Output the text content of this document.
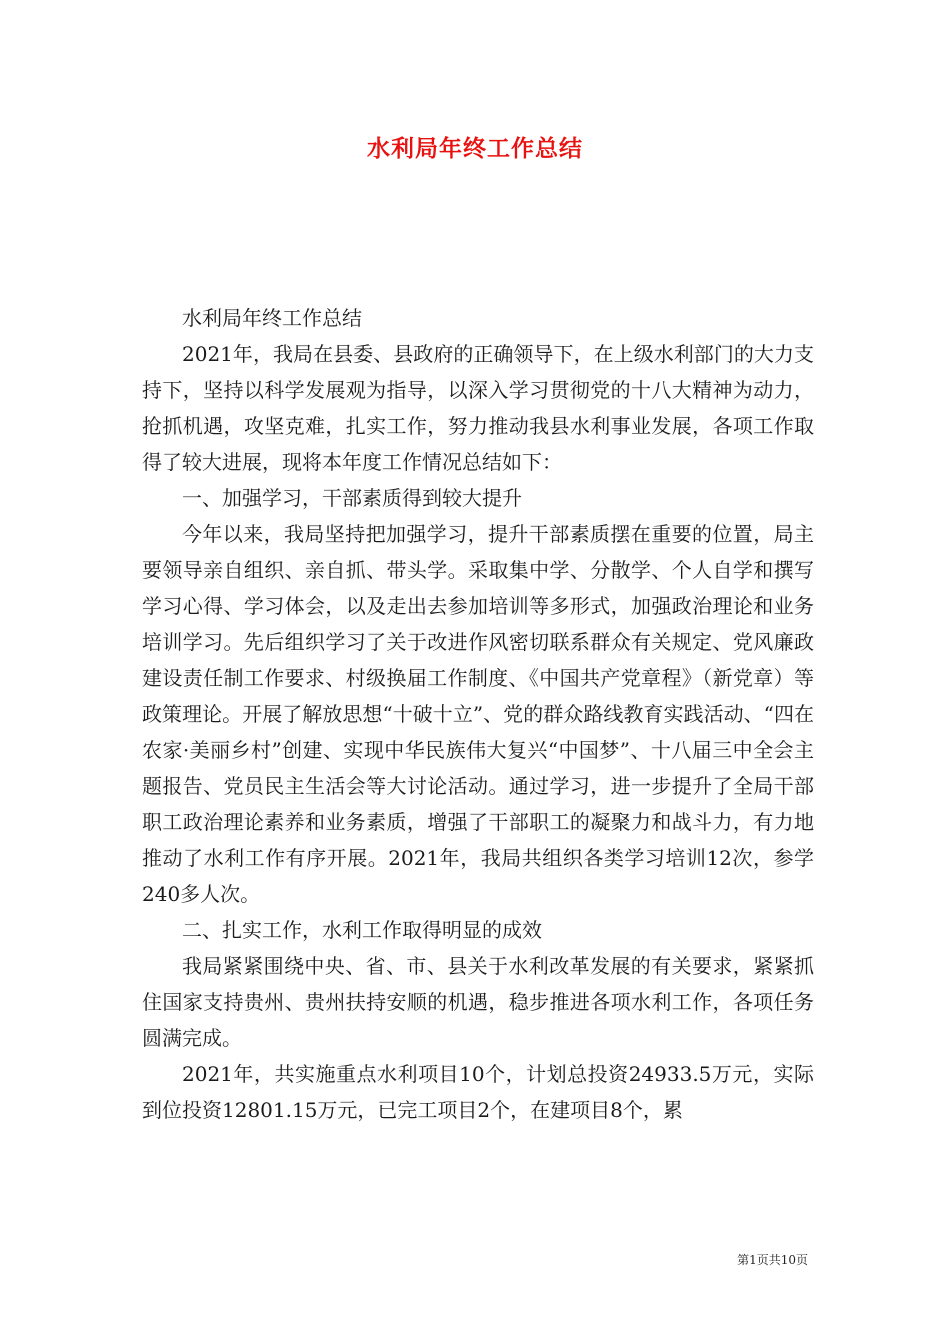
水利局年终工作总结

水利局年终工作总结

2021年，我局在县委、县政府的正确领导下，在上级水利部门的大力支持下，坚持以科学发展观为指导，以深入学习贯彻党的十八大精神为动力，抢抓机遇，攻坚克难，扎实工作，努力推动我县水利事业发展，各项工作取得了较大进展，现将本年度工作情况总结如下：

一、加强学习，干部素质得到较大提升

今年以来，我局坚持把加强学习，提升干部素质摆在重要的位置，局主要领导亲自组织、亲自抓、带头学。采取集中学、分散学、个人自学和撰写学习心得、学习体会，以及走出去参加培训等多形式，加强政治理论和业务培训学习。先后组织学习了关于改进作风密切联系群众有关规定、党风廉政建设责任制工作要求、村级换届工作制度、《中国共产党章程》（新党章）等政策理论。开展了解放思想“十破十立”、党的群众路线教育实践活动、“四在农家·美丽乡村”创建、实现中华民族伟大复兴“中国梦”、十八届三中全会主题报告、党员民主生活会等大讨论活动。通过学习，进一步提升了全局干部职工政治理论素养和业务素质，增强了干部职工的凝聚力和战斗力，有力地推动了水利工作有序开展。2021年，我局共组织各类学习培训12次，参学240多人次。

二、扎实工作，水利工作取得明显的成效

我局紧紧围绕中央、省、市、县关于水利改革发展的有关要求，紧紧抓住国家支持贵州、贵州扶持安顺的机遇，稳步推进各项水利工作，各项任务圆满完成。

2021年，共实施重点水利项目10个，计划总投资24933.5万元，实际到位投资12801.15万元，已完工项目2个，在建项目8个，累

第1页共10页
